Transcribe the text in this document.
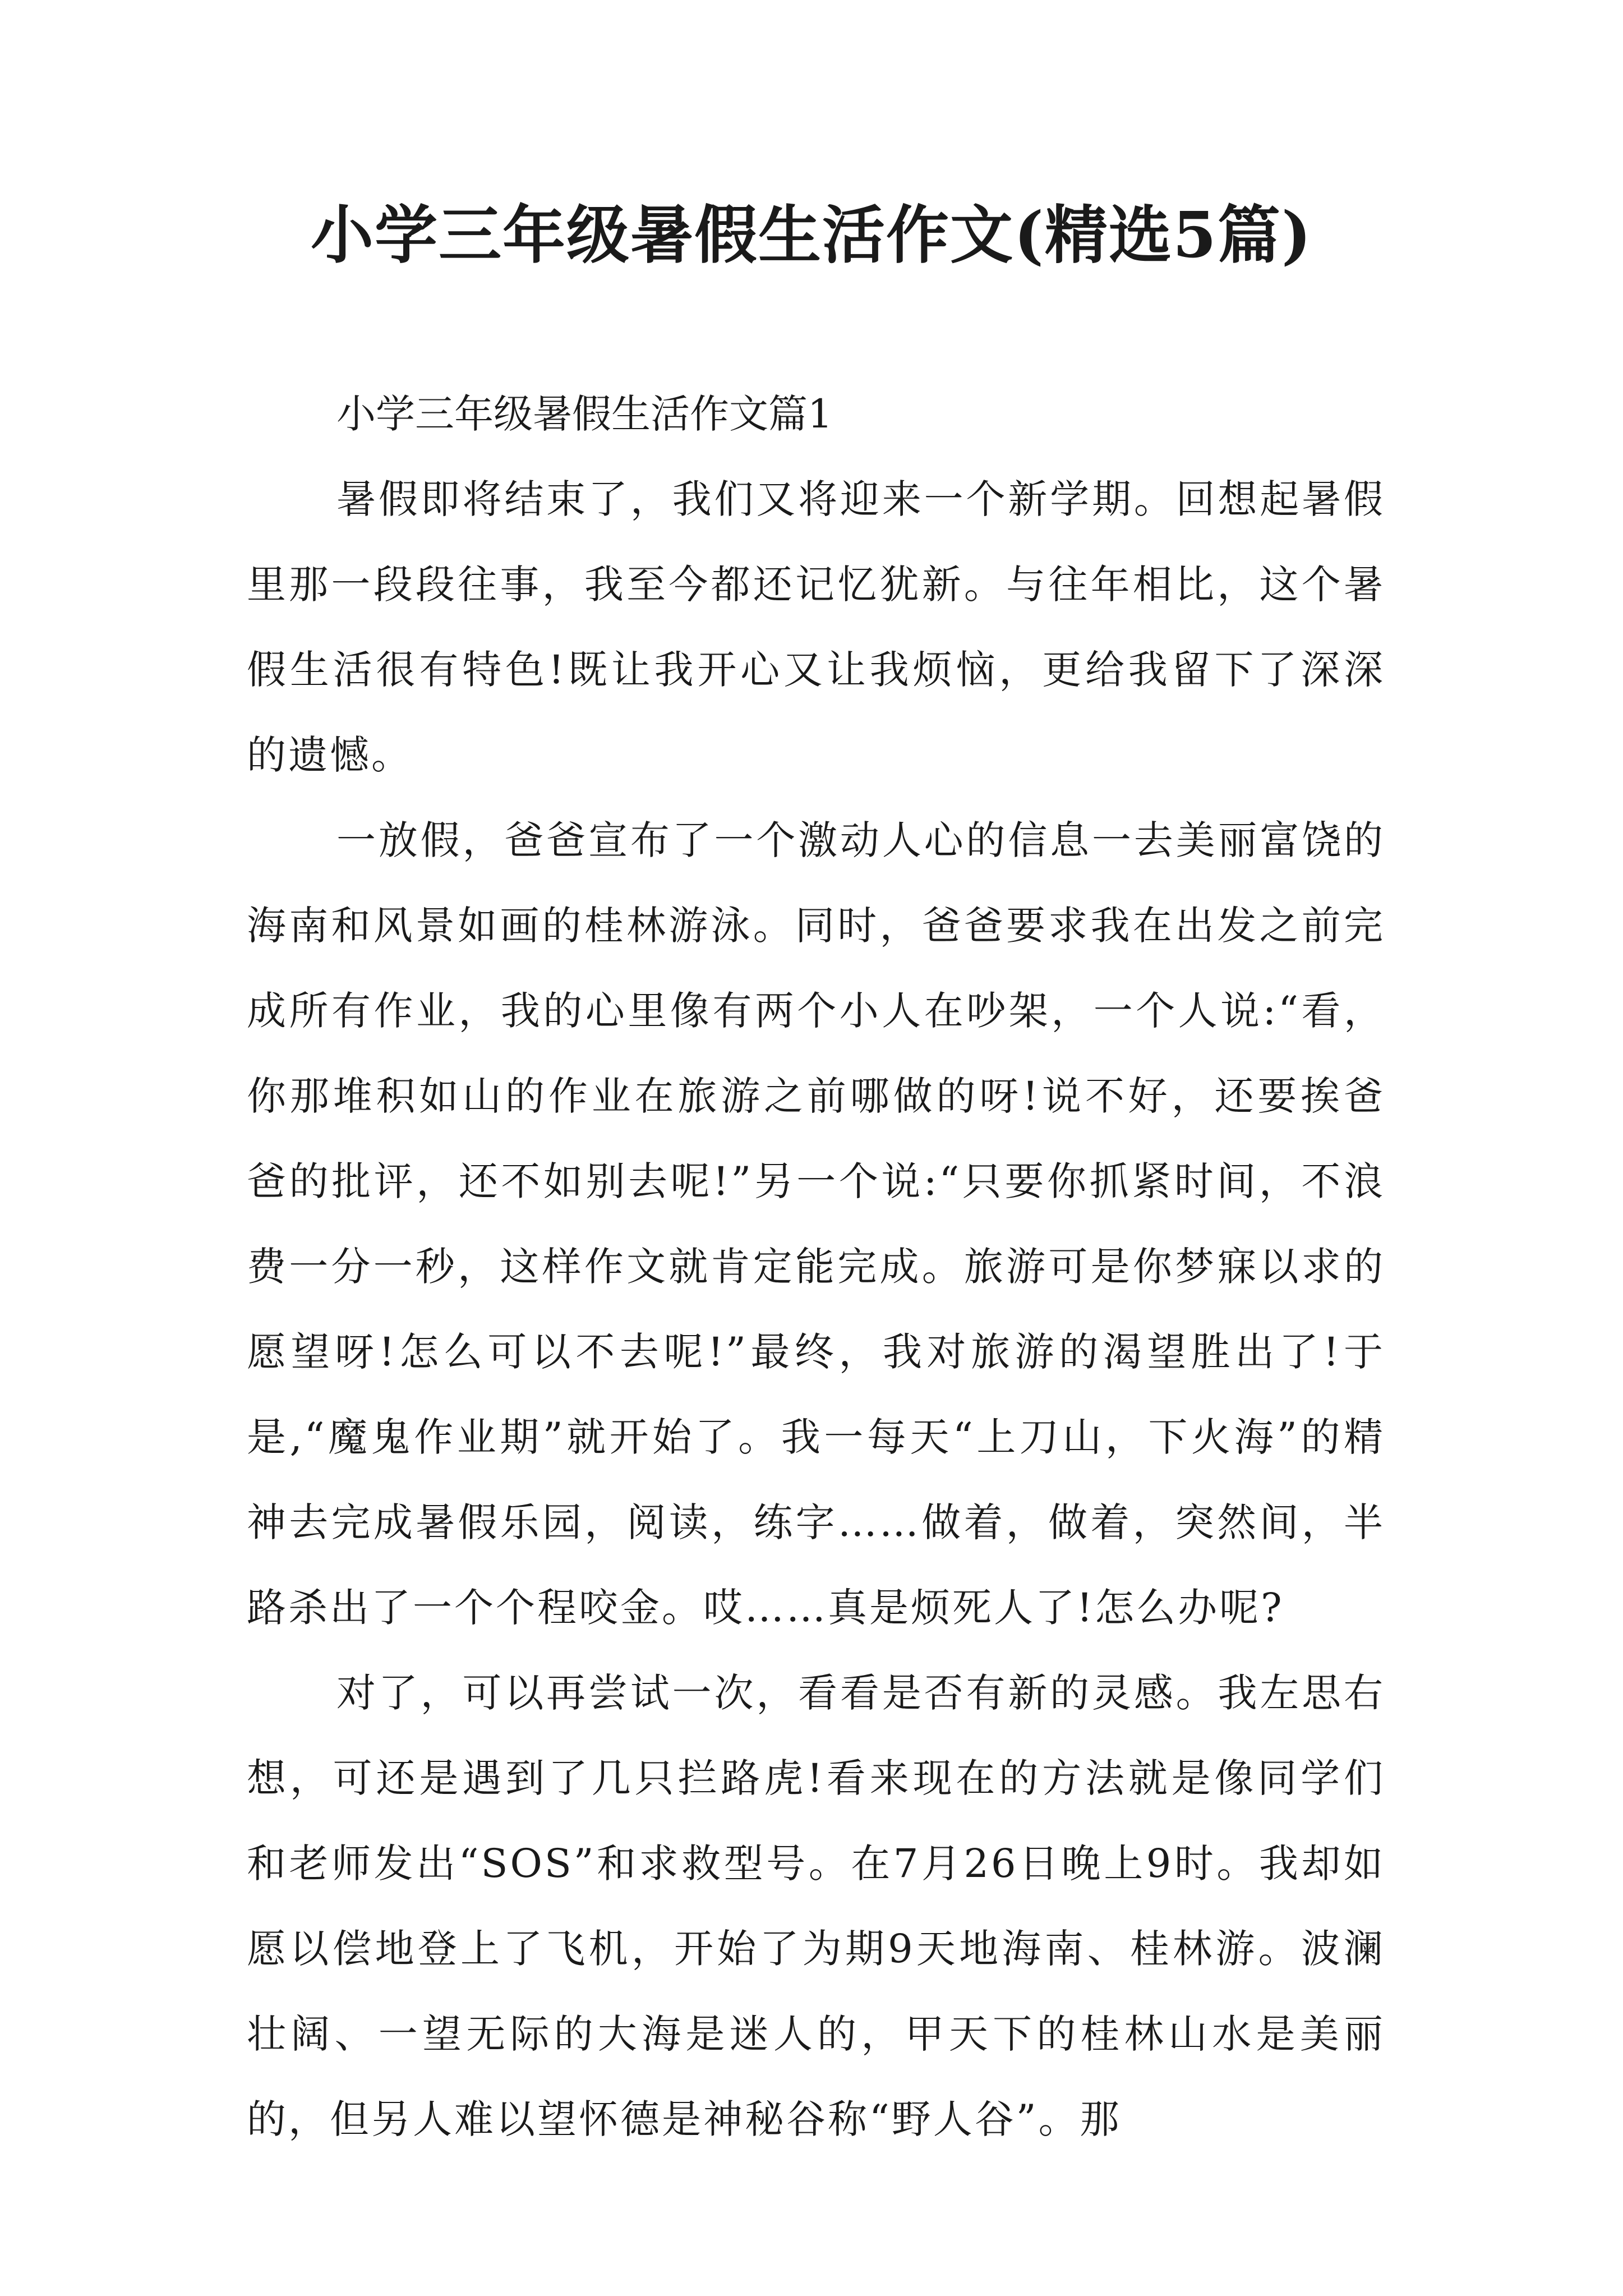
小学三年级暑假生活作文(精选5篇)

小学三年级暑假生活作文篇1

暑假即将结束了，我们又将迎来一个新学期。回想起暑假里那一段段往事，我至今都还记忆犹新。与往年相比，这个暑假生活很有特色!既让我开心又让我烦恼，更给我留下了深深的遗憾。

一放假，爸爸宣布了一个激动人心的信息一去美丽富饶的海南和风景如画的桂林游泳。同时，爸爸要求我在出发之前完成所有作业，我的心里像有两个小人在吵架，一个人说:“看，你那堆积如山的作业在旅游之前哪做的呀!说不好，还要挨爸爸的批评，还不如别去呢!”另一个说:“只要你抓紧时间，不浪费一分一秒，这样作文就肯定能完成。旅游可是你梦寐以求的愿望呀!怎么可以不去呢!”最终，我对旅游的渴望胜出了!于是,“魔鬼作业期”就开始了。我一每天“上刀山，下火海”的精神去完成暑假乐园，阅读，练字……做着，做着，突然间，半路杀出了一个个程咬金。哎……真是烦死人了!怎么办呢?

对了，可以再尝试一次，看看是否有新的灵感。我左思右想，可还是遇到了几只拦路虎!看来现在的方法就是像同学们和老师发出“SOS”和求救型号。在7月26日晚上9时。我却如愿以偿地登上了飞机，开始了为期9天地海南、桂林游。波澜壮阔、一望无际的大海是迷人的，甲天下的桂林山水是美丽的，但另人难以望怀德是神秘谷称“野人谷”。那
